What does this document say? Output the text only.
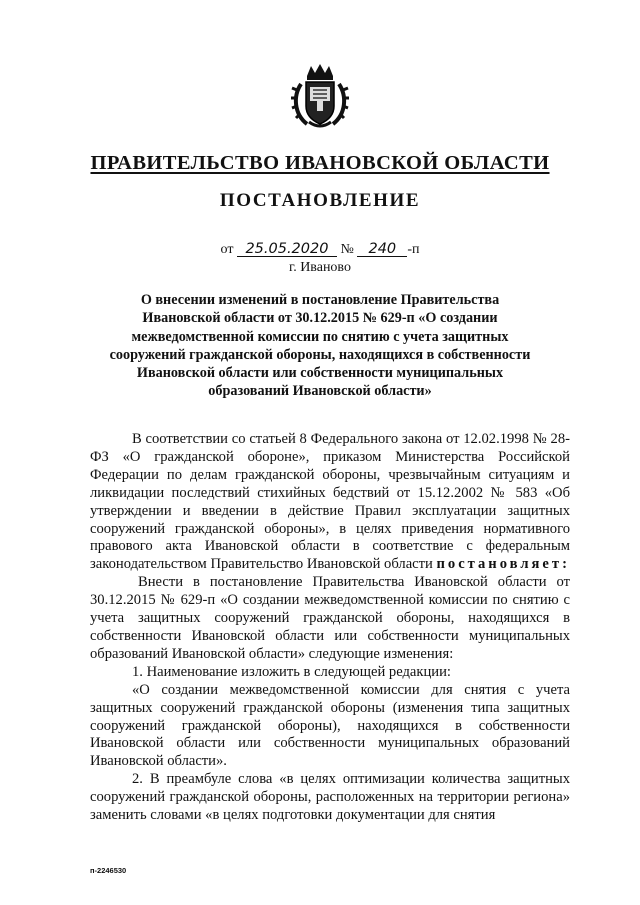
ПРАВИТЕЛЬСТВО ИВАНОВСКОЙ ОБЛАСТИ
ПОСТАНОВЛЕНИЕ
от 25.05.2020 № 240 -п
г. Иваново
О внесении изменений в постановление Правительства Ивановской области от 30.12.2015 № 629-п «О создании межведомственной комиссии по снятию с учета защитных сооружений гражданской обороны, находящихся в собственности Ивановской области или собственности муниципальных образований Ивановской области»

В соответствии со статьей 8 Федерального закона от 12.02.1998 № 28-ФЗ «О гражданской обороне», приказом Министерства Российской Федерации по делам гражданской обороны, чрезвычайным ситуациям и ликвидации последствий стихийных бедствий от 15.12.2002 № 583 «Об утверждении и введении в действие Правил эксплуатации защитных сооружений гражданской обороны», в целях приведения нормативного правового акта Ивановской области в соответствие с федеральным законодательством Правительство Ивановской области постановляет:

Внести в постановление Правительства Ивановской области от 30.12.2015 № 629-п «О создании межведомственной комиссии по снятию с учета защитных сооружений гражданской обороны, находящихся в собственности Ивановской области или собственности муниципальных образований Ивановской области» следующие изменения:

1. Наименование изложить в следующей редакции:

«О создании межведомственной комиссии для снятия с учета защитных сооружений гражданской обороны (изменения типа защитных сооружений гражданской обороны), находящихся в собственности Ивановской области или собственности муниципальных образований Ивановской области».

2. В преамбуле слова «в целях оптимизации количества защитных сооружений гражданской обороны, расположенных на территории региона» заменить словами «в целях подготовки документации для снятия

п-2246530
